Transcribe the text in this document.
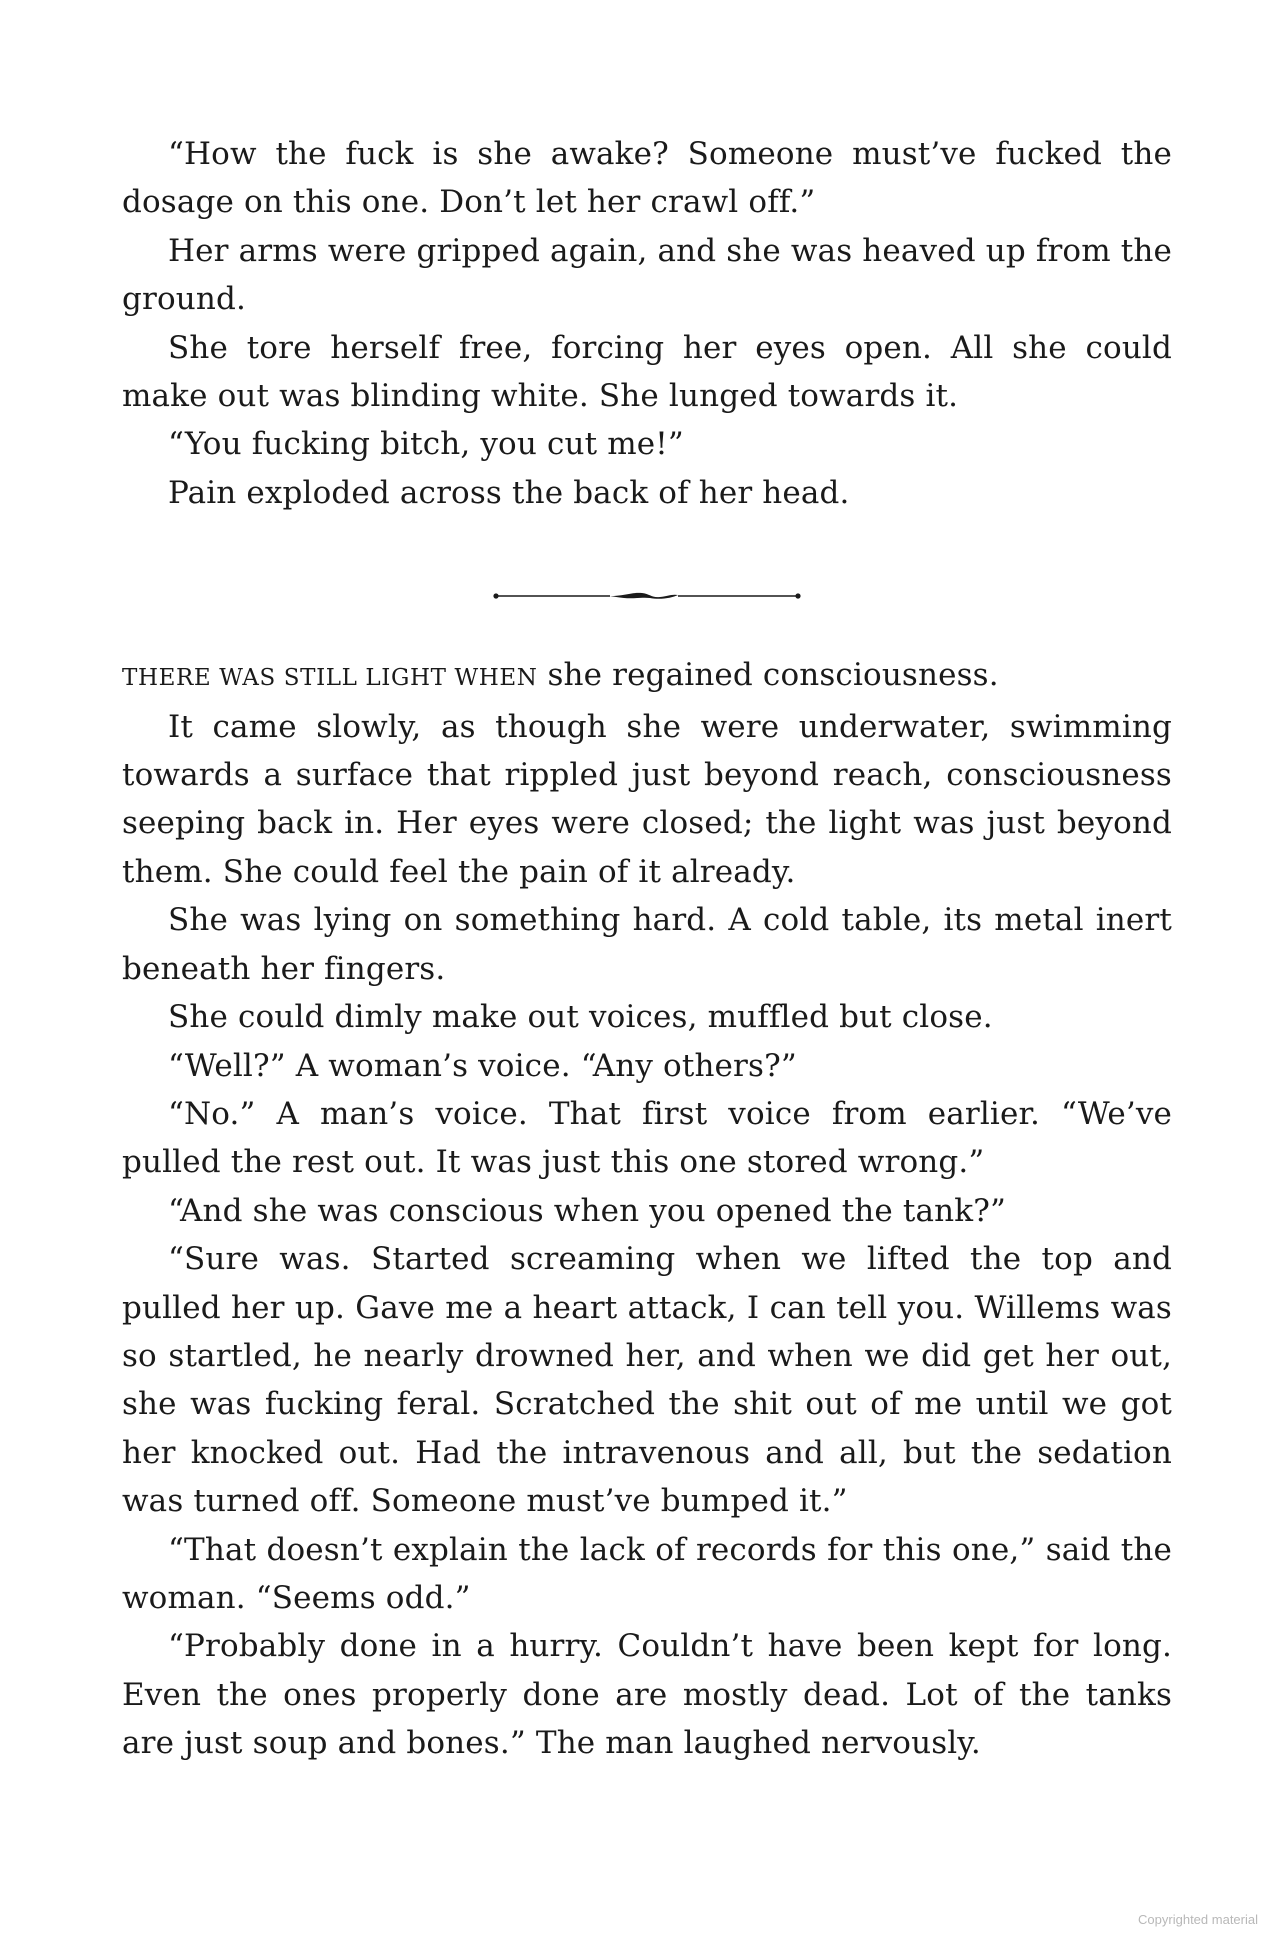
“How the fuck is she awake? Someone must’ve fucked the dosage on this one. Don’t let her crawl off.”

Her arms were gripped again, and she was heaved up from the ground.

She tore herself free, forcing her eyes open. All she could make out was blinding white. She lunged towards it.

“You fucking bitch, you cut me!”

Pain exploded across the back of her head.

THERE WAS STILL LIGHT WHEN she regained consciousness.

It came slowly, as though she were underwater, swimming towards a surface that rippled just beyond reach, consciousness seeping back in. Her eyes were closed; the light was just beyond them. She could feel the pain of it already.

She was lying on something hard. A cold table, its metal inert beneath her fingers.

She could dimly make out voices, muffled but close.

“Well?” A woman’s voice. “Any others?”

“No.” A man’s voice. That first voice from earlier. “We’ve pulled the rest out. It was just this one stored wrong.”

“And she was conscious when you opened the tank?”

“Sure was. Started screaming when we lifted the top and pulled her up. Gave me a heart attack, I can tell you. Willems was so startled, he nearly drowned her, and when we did get her out, she was fucking feral. Scratched the shit out of me until we got her knocked out. Had the intravenous and all, but the sedation was turned off. Someone must’ve bumped it.”

“That doesn’t explain the lack of records for this one,” said the woman. “Seems odd.”

“Probably done in a hurry. Couldn’t have been kept for long. Even the ones properly done are mostly dead. Lot of the tanks are just soup and bones.” The man laughed nervously.

Copyrighted material
